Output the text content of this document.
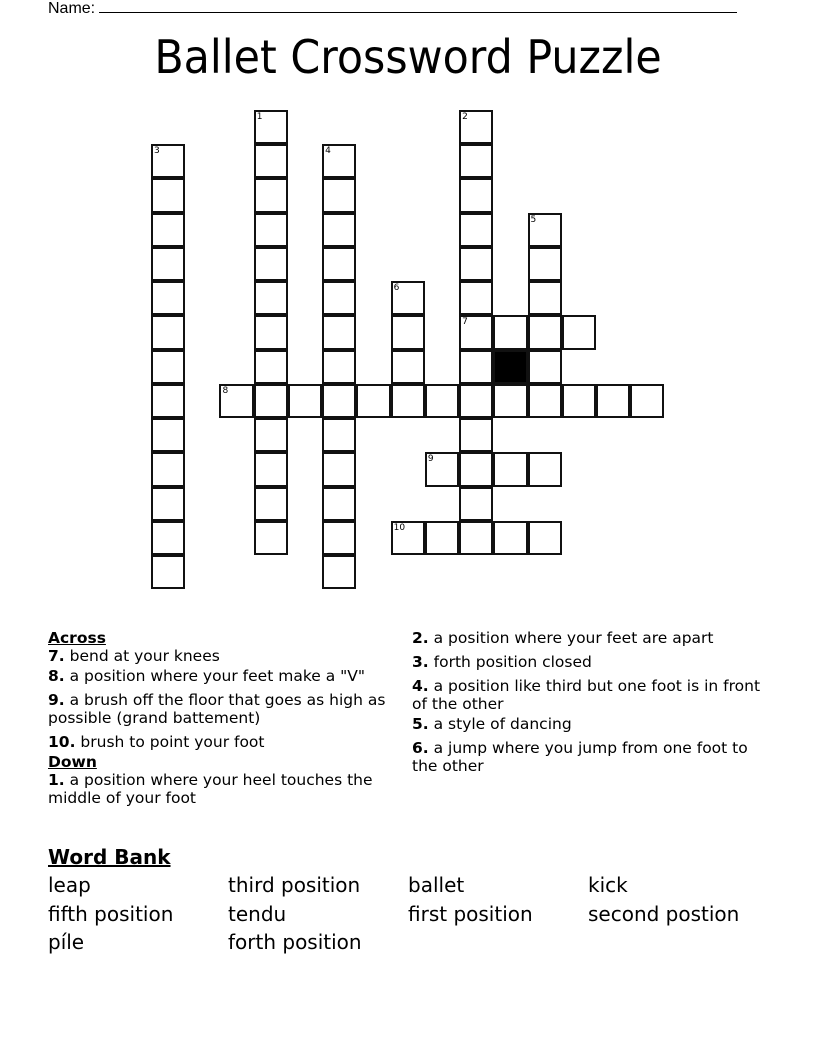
Name:
Ballet Crossword Puzzle
1	2
7
3	4
5
6
8
9
10
Across
7. bend at your knees
8. a position where your feet make a "V"
9. a brush off the floor that goes as high as possible (grand battement)
10. brush to point your foot
Down
1. a position where your heel touches the middle of your foot
2. a position where your feet are apart
3. forth position closed
4. a position like third but one foot is in front of the other
5. a style of dancing
6. a jump where you jump from one foot to the other
Word Bank
leap	third position	ballet	kick
fifth position	tendu	first position	second postion
píle	forth position
